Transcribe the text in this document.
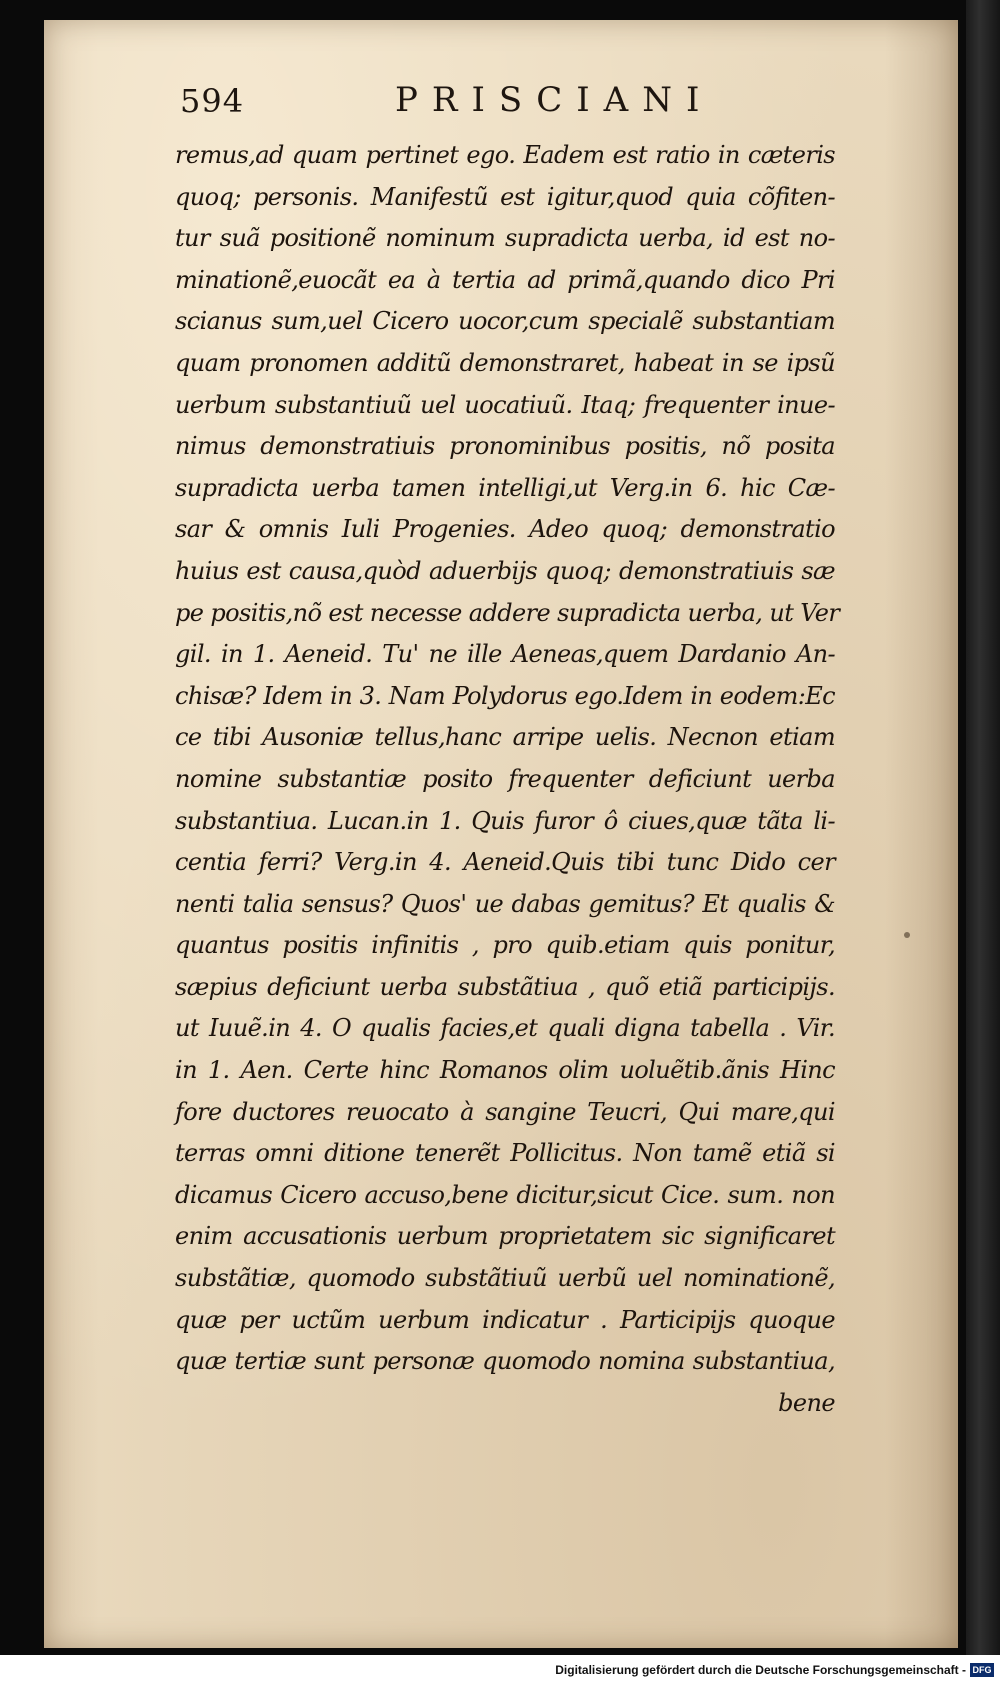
594	PRISCIANI
remus,ad quam pertinet ego. Eadem est ratio in cæteris
quoq; personis. Manifestũ est igitur,quod quia cõfiten-
tur suã positionẽ nominum supradicta uerba, id est no-
minationẽ,euocãt ea à tertia ad primã,quando dico Pri
scianus sum,uel Cicero uocor,cum specialẽ substantiam
quam pronomen additũ demonstraret, habeat in se ipsũ
uerbum substantiuũ uel uocatiuũ. Itaq; frequenter inue-
nimus demonstratiuis pronominibus positis, nõ posita
supradicta uerba tamen intelligi,ut Verg.in 6. hic Cæ-
sar & omnis Iuli Progenies. Adeo quoq; demonstratio
huius est causa,quòd aduerbijs quoq; demonstratiuis sæ
pe positis,nõ est necesse addere supradicta uerba, ut Ver
gil. in 1. Aeneid. Tu' ne ille Aeneas,quem Dardanio An-
chisæ? Idem in 3. Nam Polydorus ego.Idem in eodem:Ec
ce tibi Ausoniæ tellus,hanc arripe uelis. Necnon etiam
nomine substantiæ posito frequenter deficiunt uerba
substantiua. Lucan.in 1. Quis furor ô ciues,quæ tãta li-
centia ferri? Verg.in 4. Aeneid.Quis tibi tunc Dido cer
nenti talia sensus? Quos' ue dabas gemitus? Et qualis &
quantus positis infinitis , pro quib.etiam quis ponitur,
sæpius deficiunt uerba substãtiua , quõ etiã participijs.
ut Iuuẽ.in 4. O qualis facies,et quali digna tabella . Vir.
in 1. Aen. Certe hinc Romanos olim uoluẽtib.ãnis Hinc
fore ductores reuocato à sangine Teucri, Qui mare,qui
terras omni ditione tenerẽt Pollicitus. Non tamẽ etiã si
dicamus Cicero accuso,bene dicitur,sicut Cice. sum. non
enim accusationis uerbum proprietatem sic significaret
substãtiæ, quomodo substãtiuũ uerbũ uel nominationẽ,
quæ per uctũm uerbum indicatur . Participijs quoque
quæ tertiæ sunt personæ quomodo nomina substantiua,
bene
Digitalisierung gefördert durch die Deutsche Forschungsgemeinschaft - DFG
